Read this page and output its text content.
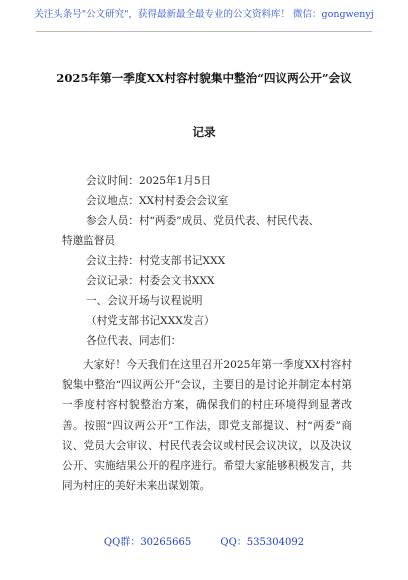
关注头条号"公文研究"，获得最新最全最专业的公文资料库！ 微信：gongwenyj
2025年第一季度XX村容村貌集中整治“四议两公开”会议
记录
会议时间：2025年1月5日
会议地点：XX村村委会会议室
参会人员：村“两委”成员、党员代表、村民代表、
特邀监督员
会议主持：村党支部书记XXX
会议记录：村委会文书XXX
一、会议开场与议程说明
（村党支部书记XXX发言）
各位代表、同志们：
大家好！今天我们在这里召开2025年第一季度XX村容村貌集中整治“四议两公开”会议，主要目的是讨论并制定本村第一季度村容村貌整治方案，确保我们的村庄环境得到显著改善。按照“四议两公开”工作法，即党支部提议、村“两委”商议、党员大会审议、村民代表会议或村民会议决议，以及决议公开、实施结果公开的程序进行。希望大家能够积极发言，共同为村庄的美好未来出谋划策。
QQ群：30265665	QQ：535304092
